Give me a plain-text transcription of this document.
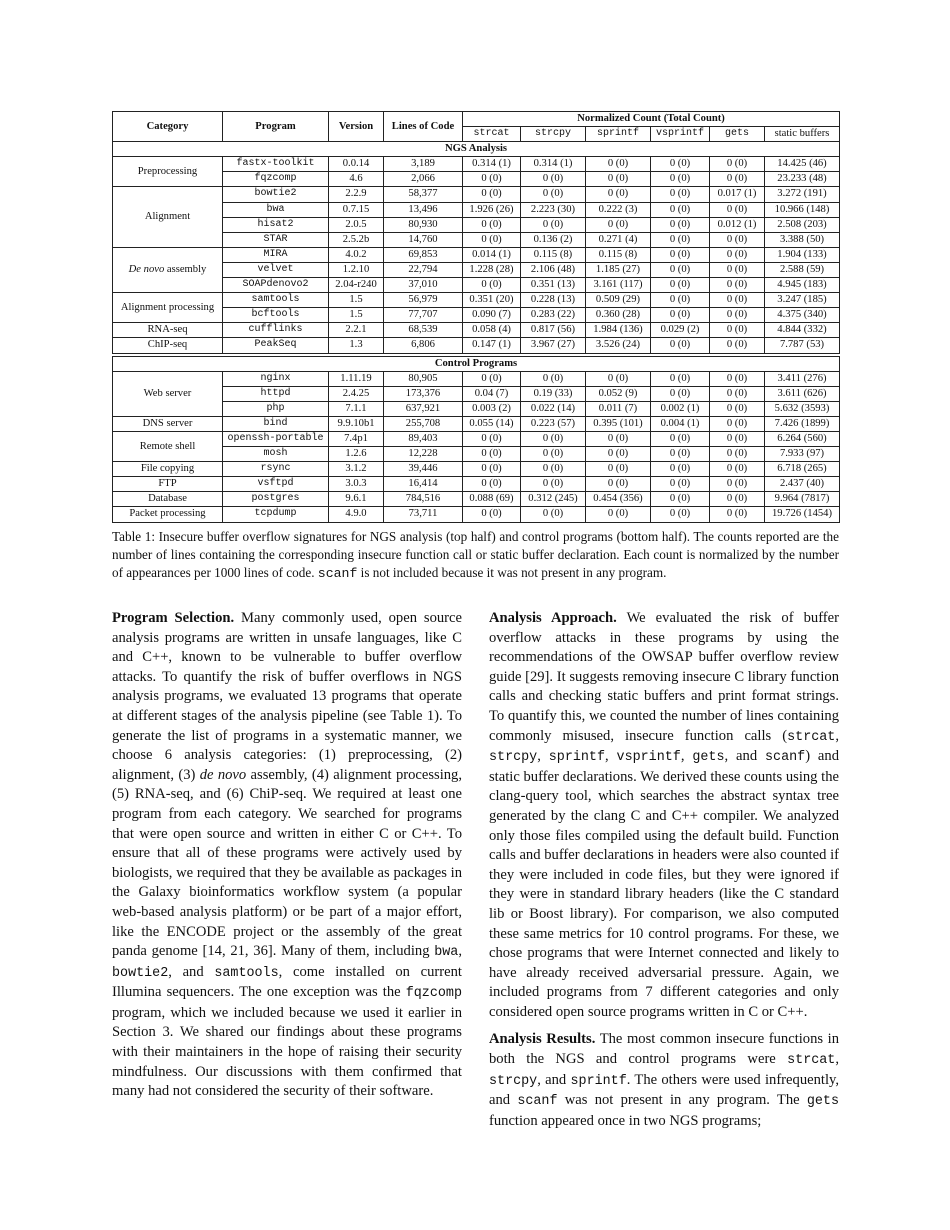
Category	Program	Version	Lines of Code	Normalized Count (Total Count)					
				strcat	strcpy	sprintf	vsprintf	gets	static buffers
NGS Analysis									
Preprocessing	fastx-toolkit	0.0.14	3,189	0.314 (1)	0.314 (1)	0 (0)	0 (0)	0 (0)	14.425 (46)
	fqzcomp	4.6	2,066	0 (0)	0 (0)	0 (0)	0 (0)	0 (0)	23.233 (48)
Alignment	bowtie2	2.2.9	58,377	0 (0)	0 (0)	0 (0)	0 (0)	0.017 (1)	3.272 (191)
	bwa	0.7.15	13,496	1.926 (26)	2.223 (30)	0.222 (3)	0 (0)	0 (0)	10.966 (148)
	hisat2	2.0.5	80,930	0 (0)	0 (0)	0 (0)	0 (0)	0.012 (1)	2.508 (203)
	STAR	2.5.2b	14,760	0 (0)	0.136 (2)	0.271 (4)	0 (0)	0 (0)	3.388 (50)
De novo assembly	MIRA	4.0.2	69,853	0.014 (1)	0.115 (8)	0.115 (8)	0 (0)	0 (0)	1.904 (133)
	velvet	1.2.10	22,794	1.228 (28)	2.106 (48)	1.185 (27)	0 (0)	0 (0)	2.588 (59)
	SOAPdenovo2	2.04-r240	37,010	0 (0)	0.351 (13)	3.161 (117)	0 (0)	0 (0)	4.945 (183)
Alignment processing	samtools	1.5	56,979	0.351 (20)	0.228 (13)	0.509 (29)	0 (0)	0 (0)	3.247 (185)
	bcftools	1.5	77,707	0.090 (7)	0.283 (22)	0.360 (28)	0 (0)	0 (0)	4.375 (340)
RNA-seq	cufflinks	2.2.1	68,539	0.058 (4)	0.817 (56)	1.984 (136)	0.029 (2)	0 (0)	4.844 (332)
ChIP-seq	PeakSeq	1.3	6,806	0.147 (1)	3.967 (27)	3.526 (24)	0 (0)	0 (0)	7.787 (53)

Control Programs									
Web server	nginx	1.11.19	80,905	0 (0)	0 (0)	0 (0)	0 (0)	0 (0)	3.411 (276)
	httpd	2.4.25	173,376	0.04 (7)	0.19 (33)	0.052 (9)	0 (0)	0 (0)	3.611 (626)
	php	7.1.1	637,921	0.003 (2)	0.022 (14)	0.011 (7)	0.002 (1)	0 (0)	5.632 (3593)
DNS server	bind	9.9.10b1	255,708	0.055 (14)	0.223 (57)	0.395 (101)	0.004 (1)	0 (0)	7.426 (1899)
Remote shell	openssh-portable	7.4p1	89,403	0 (0)	0 (0)	0 (0)	0 (0)	0 (0)	6.264 (560)
	mosh	1.2.6	12,228	0 (0)	0 (0)	0 (0)	0 (0)	0 (0)	7.933 (97)
File copying	rsync	3.1.2	39,446	0 (0)	0 (0)	0 (0)	0 (0)	0 (0)	6.718 (265)
FTP	vsftpd	3.0.3	16,414	0 (0)	0 (0)	0 (0)	0 (0)	0 (0)	2.437 (40)
Database	postgres	9.6.1	784,516	0.088 (69)	0.312 (245)	0.454 (356)	0 (0)	0 (0)	9.964 (7817)
Packet processing	tcpdump	4.9.0	73,711	0 (0)	0 (0)	0 (0)	0 (0)	0 (0)	19.726 (1454)
Table 1: Insecure buffer overflow signatures for NGS analysis (top half) and control programs (bottom half). The counts reported are the number of lines containing the corresponding insecure function call or static buffer declaration. Each count is normalized by the number of appearances per 1000 lines of code. scanf is not included because it was not present in any program.

Program Selection. Many commonly used, open source analysis programs are written in unsafe languages, like C and C++, known to be vulnerable to buffer overflow attacks. To quantify the risk of buffer overflows in NGS analysis programs, we evaluated 13 programs that operate at different stages of the analysis pipeline (see Table 1). To generate the list of programs in a systematic manner, we choose 6 analysis categories: (1) preprocessing, (2) alignment, (3) de novo assembly, (4) alignment processing, (5) RNA-seq, and (6) ChiP-seq. We required at least one program from each category. We searched for programs that were open source and written in either C or C++. To ensure that all of these programs were actively used by biologists, we required that they be available as packages in the Galaxy bioinformatics workflow system (a popular web-based analysis platform) or be part of a major effort, like the ENCODE project or the assembly of the great panda genome [14, 21, 36]. Many of them, including bwa, bowtie2, and samtools, come installed on current Illumina sequencers. The one exception was the fqzcomp program, which we included because we used it earlier in Section 3. We shared our findings about these programs with their maintainers in the hope of raising their security mindfulness. Our discussions with them confirmed that many had not considered the security of their software.

Analysis Approach. We evaluated the risk of buffer overflow attacks in these programs by using the recommendations of the OWSAP buffer overflow review guide [29]. It suggests removing insecure C library function calls and checking static buffers and print format strings. To quantify this, we counted the number of lines containing commonly misused, insecure function calls (strcat, strcpy, sprintf, vsprintf, gets, and scanf) and static buffer declarations. We derived these counts using the clang-query tool, which searches the abstract syntax tree generated by the clang C and C++ compiler. We analyzed only those files compiled using the default build. Function calls and buffer declarations in headers were also counted if they were included in code files, but they were ignored if they were in standard library headers (like the C standard lib or Boost library). For comparison, we also computed these same metrics for 10 control programs. For these, we chose programs that were Internet connected and likely to have already received adversarial pressure. Again, we included programs from 7 different categories and only considered open source programs written in C or C++.

Analysis Results. The most common insecure functions in both the NGS and control programs were strcat, strcpy, and sprintf. The others were used infrequently, and scanf was not present in any program. The gets function appeared once in two NGS programs;
